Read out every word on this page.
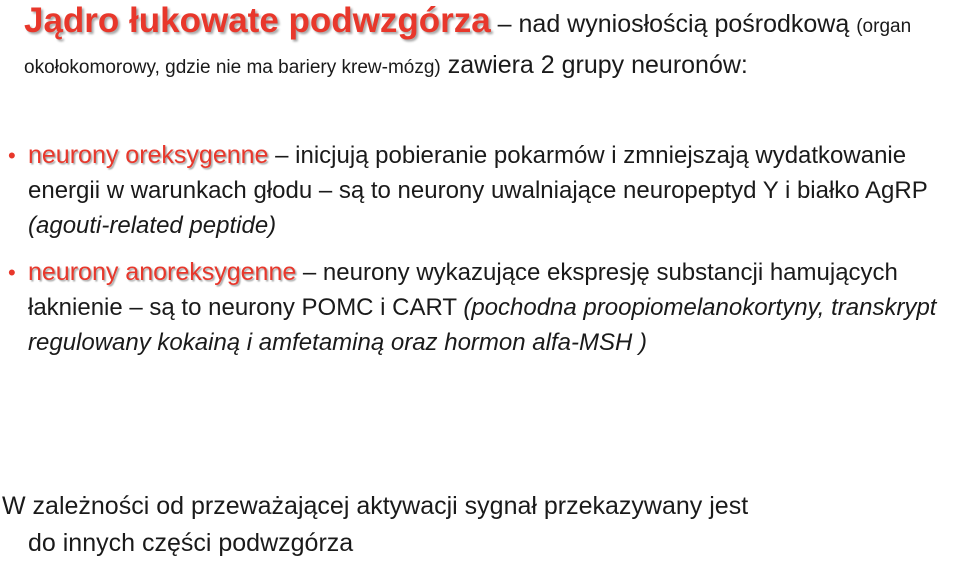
Jądro łukowate podwzgórza – nad wyniosłością pośrodkową (organ okołokomorowy, gdzie nie ma bariery krew-mózg) zawiera 2 grupy neuronów:
• neurony oreksygenne – inicjują pobieranie pokarmów i zmniejszają wydatkowanie energii w warunkach głodu – są to neurony uwalniające neuropeptyd Y i białko AgRP (agouti-related peptide)
• neurony anoreksygenne – neurony wykazujące ekspresję substancji hamujących łaknienie – są to neurony POMC i CART (pochodna proopiomelanokortyny, transkrypt regulowany kokainą i amfetaminą oraz hormon alfa-MSH )
W zależności od przeważającej aktywacji sygnał przekazywany jest
do innych części podwzgórza
